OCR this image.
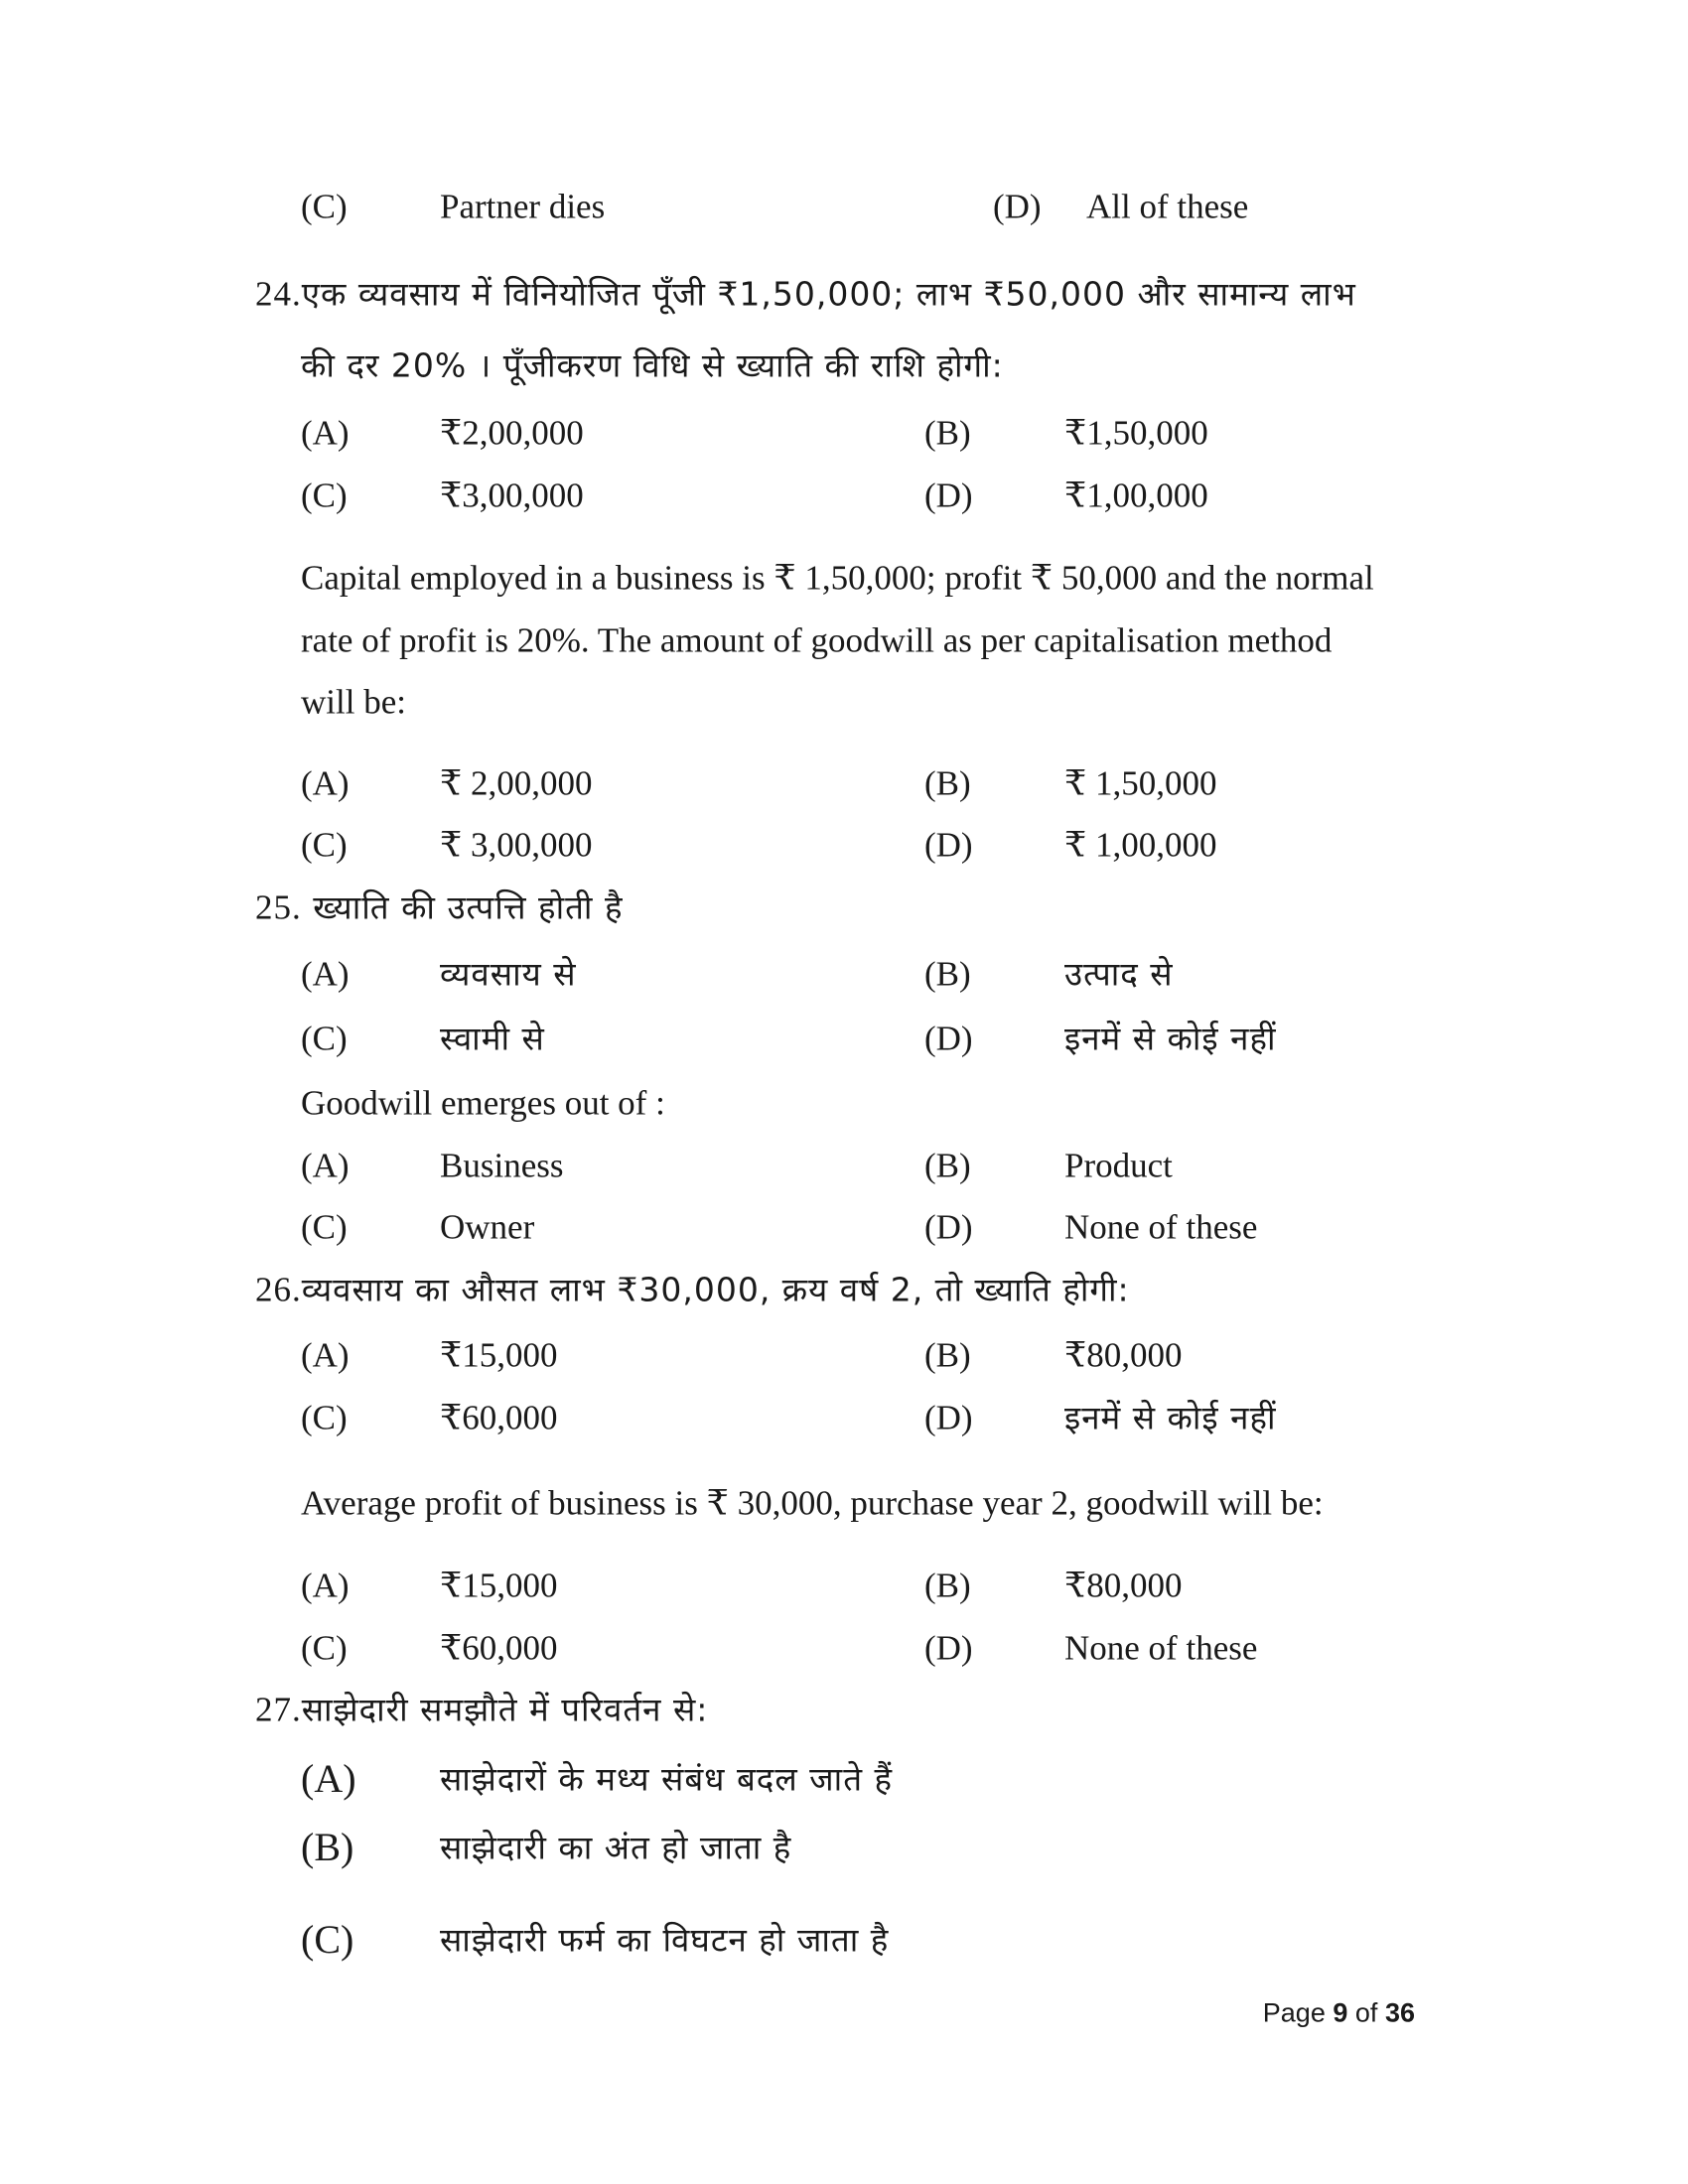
(C)	Partner dies	(D) All of these
24.एक व्यवसाय में विनियोजित पूँजी ₹1,50,000; लाभ ₹50,000 और सामान्य लाभ
की दर 20% । पूँजीकरण विधि से ख्याति की राशि होगी:
(A)	₹2,00,000	(B)	₹1,50,000
(C)	₹3,00,000	(D)	₹1,00,000
Capital employed in a business is ₹ 1,50,000; profit ₹ 50,000 and the normal
rate of profit is 20%. The amount of goodwill as per capitalisation method
will be:
(A)	₹ 2,00,000	(B)	₹ 1,50,000
(C)	₹ 3,00,000	(D)	₹ 1,00,000
25. ख्याति की उत्पत्ति होती है
(A)	व्यवसाय से	(B)	उत्पाद से
(C)	स्वामी से	(D)	इनमें से कोई नहीं
Goodwill emerges out of :
(A)	Business	(B)	Product
(C)	Owner	(D)	None of these
26.व्यवसाय का औसत लाभ ₹30,000, क्रय वर्ष 2, तो ख्याति होगी:
(A)	₹15,000	(B)	₹80,000
(C)	₹60,000	(D)	इनमें से कोई नहीं
Average profit of business is ₹ 30,000, purchase year 2, goodwill will be:
(A)	₹15,000	(B)	₹80,000
(C)	₹60,000	(D)	None of these
27.साझेदारी समझौते में परिवर्तन से:
(A)	साझेदारों के मध्य संबंध बदल जाते हैं
(B)	साझेदारी का अंत हो जाता है
(C)	साझेदारी फर्म का विघटन हो जाता है
Page 9 of 36
